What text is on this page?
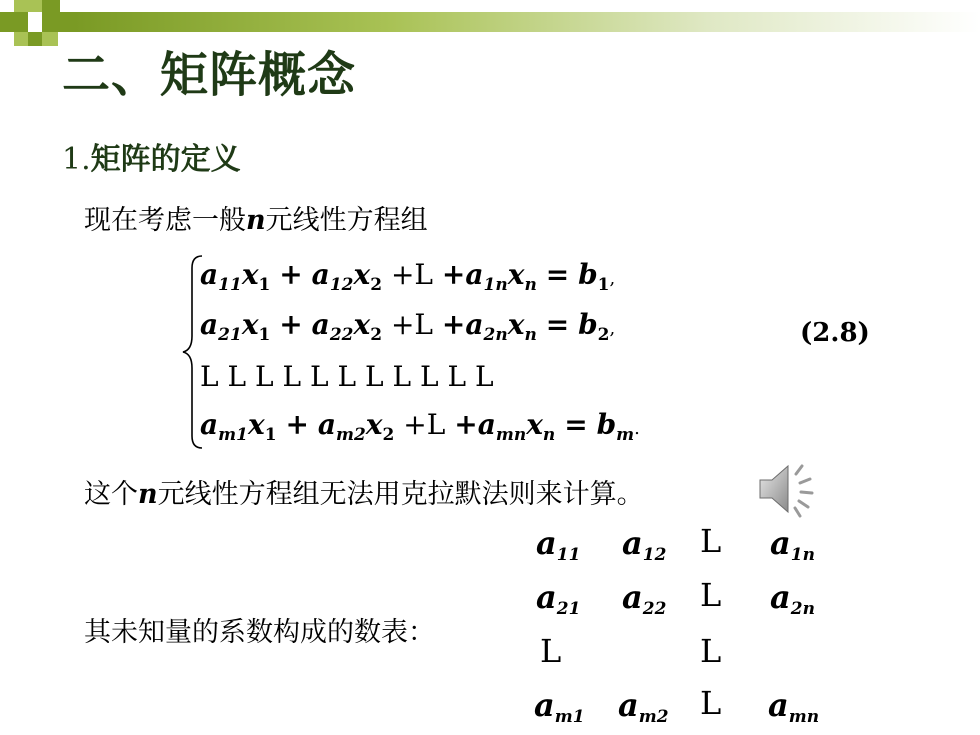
二、矩阵概念
1.矩阵的定义
现在考虑一般n元线性方程组
$a_{11}x_1 + a_{12}x_2 +L +a_{1n}x_n = b_1$,
$a_{21}x_1 + a_{22}x_2 +L +a_{2n}x_n = b_2$,
L L L L L L L L L L L
$a_{m1}x_1 + a_{m2}x_2 +L +a_{mn}x_n = b_m$.
(2.8)
这个n元线性方程组无法用克拉默法则来计算。
其未知量的系数构成的数表：
$a_{11}$ $a_{12}$ L $a_{1n}$
$a_{21}$ $a_{22}$ L $a_{2n}$
L	L
$a_{m1}$ $a_{m2}$ L $a_{mn}$
